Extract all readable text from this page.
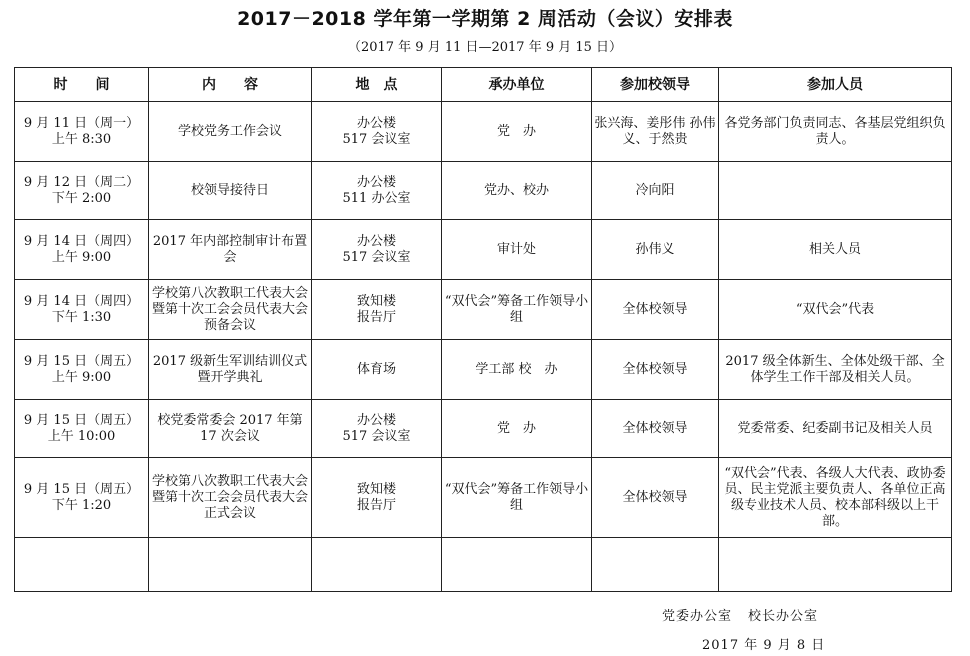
2017－2018 学年第一学期第 2 周活动（会议）安排表
（2017 年 9 月 11 日—2017 年 9 月 15 日）
时　　间	内　　容	地　点	承办单位	参加校领导	参加人员

9 月 11 日（周一）
上午 8:30	学校党务工作会议	办公楼
517 会议室	党　办	张兴海、姜彤伟 孙伟义、于然贵	各党务部门负责同志、各基层党组织负责人。

9 月 12 日（周二）
下午 2:00	校领导接待日	办公楼
511 办公室	党办、校办	冷向阳	

9 月 14 日（周四）
上午 9:00	2017 年内部控制审计布置会	办公楼
517 会议室	审计处	孙伟义	相关人员

9 月 14 日（周四）
下午 1:30	学校第八次教职工代表大会暨第十次工会会员代表大会预备会议	致知楼
报告厅	“双代会”筹备工作领导小组	全体校领导	“双代会”代表

9 月 15 日（周五）
上午 9:00	2017 级新生军训结训仪式暨开学典礼	体育场	学工部 校　办	全体校领导	2017 级全体新生、全体处级干部、全体学生工作干部及相关人员。

9 月 15 日（周五）
上午 10:00	校党委常委会 2017 年第 17 次会议	办公楼
517 会议室	党　办	全体校领导	党委常委、纪委副书记及相关人员

9 月 15 日（周五）
下午 1:20	学校第八次教职工代表大会暨第十次工会会员代表大会正式会议	致知楼
报告厅	“双代会”筹备工作领导小组	全体校领导	“双代会”代表、各级人大代表、政协委员、民主党派主要负责人、各单位正高级专业技术人员、校本部科级以上干部。

党委办公室 校长办公室
2017 年 9 月 8 日
